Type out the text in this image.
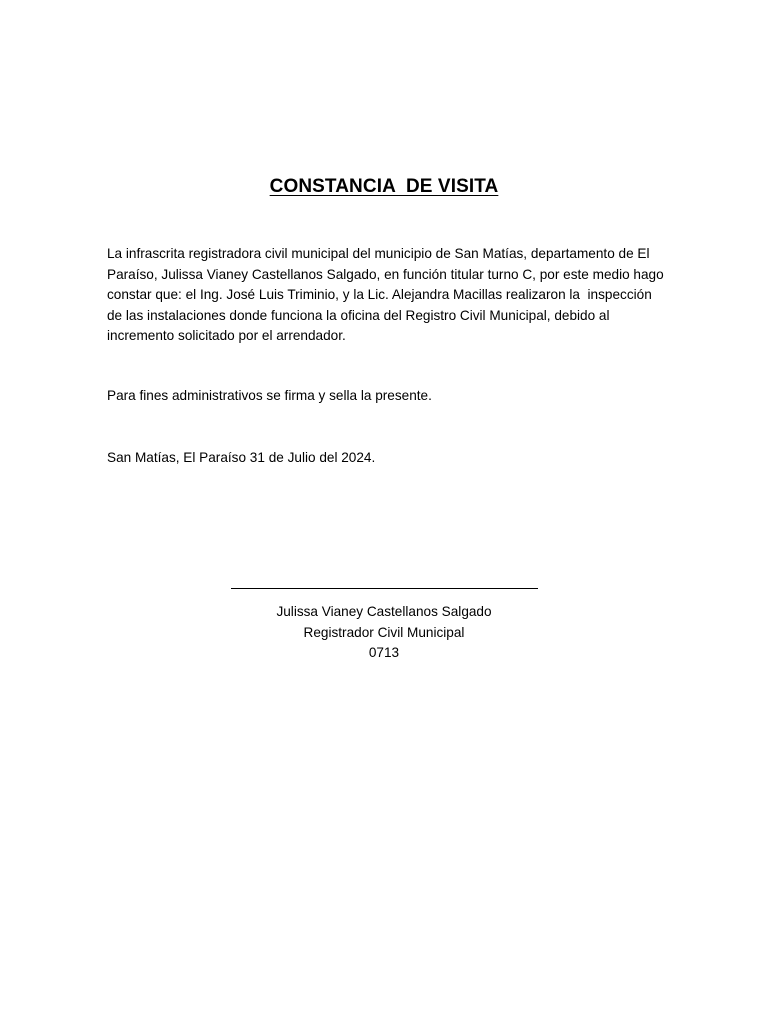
CONSTANCIA  DE VISITA

La infrascrita registradora civil municipal del municipio de San Matías, departamento de El
Paraíso, Julissa Vianey Castellanos Salgado, en función titular turno C, por este medio hago
constar que: el Ing. José Luis Triminio, y la Lic. Alejandra Macillas realizaron la  inspección
de las instalaciones donde funciona la oficina del Registro Civil Municipal, debido al
incremento solicitado por el arrendador.

Para fines administrativos se firma y sella la presente.

San Matías, El Paraíso 31 de Julio del 2024.

Julissa Vianey Castellanos Salgado
Registrador Civil Municipal
0713
